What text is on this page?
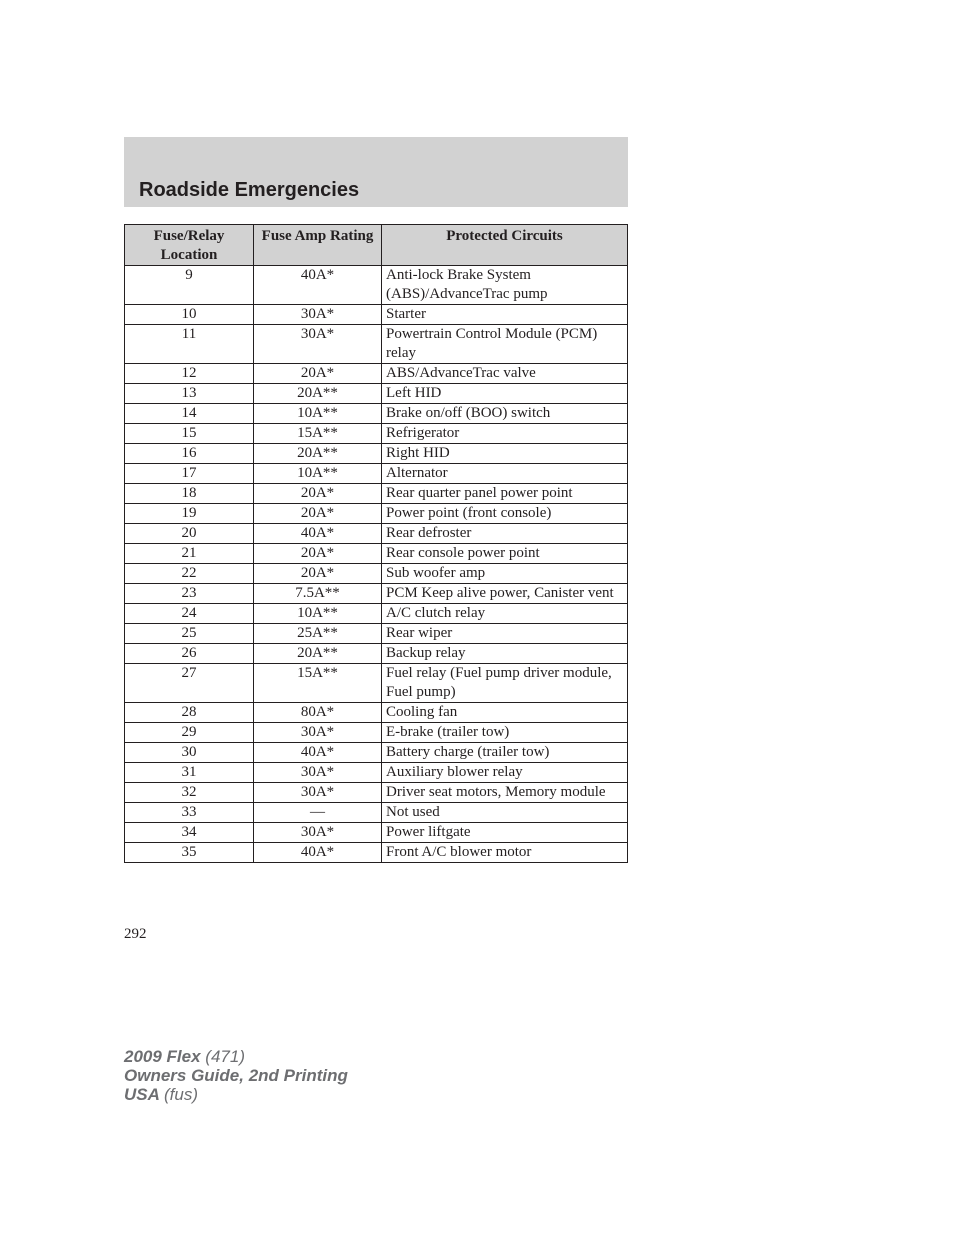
Roadside Emergencies
Fuse/Relay Location	Fuse Amp Rating	Protected Circuits
9	40A*	Anti-lock Brake System (ABS)/AdvanceTrac pump
10	30A*	Starter
11	30A*	Powertrain Control Module (PCM) relay
12	20A*	ABS/AdvanceTrac valve
13	20A**	Left HID
14	10A**	Brake on/off (BOO) switch
15	15A**	Refrigerator
16	20A**	Right HID
17	10A**	Alternator
18	20A*	Rear quarter panel power point
19	20A*	Power point (front console)
20	40A*	Rear defroster
21	20A*	Rear console power point
22	20A*	Sub woofer amp
23	7.5A**	PCM Keep alive power, Canister vent
24	10A**	A/C clutch relay
25	25A**	Rear wiper
26	20A**	Backup relay
27	15A**	Fuel relay (Fuel pump driver module, Fuel pump)
28	80A*	Cooling fan
29	30A*	E-brake (trailer tow)
30	40A*	Battery charge (trailer tow)
31	30A*	Auxiliary blower relay
32	30A*	Driver seat motors, Memory module
33	—	Not used
34	30A*	Power liftgate
35	40A*	Front A/C blower motor
292
2009 Flex (471)
Owners Guide, 2nd Printing
USA (fus)
